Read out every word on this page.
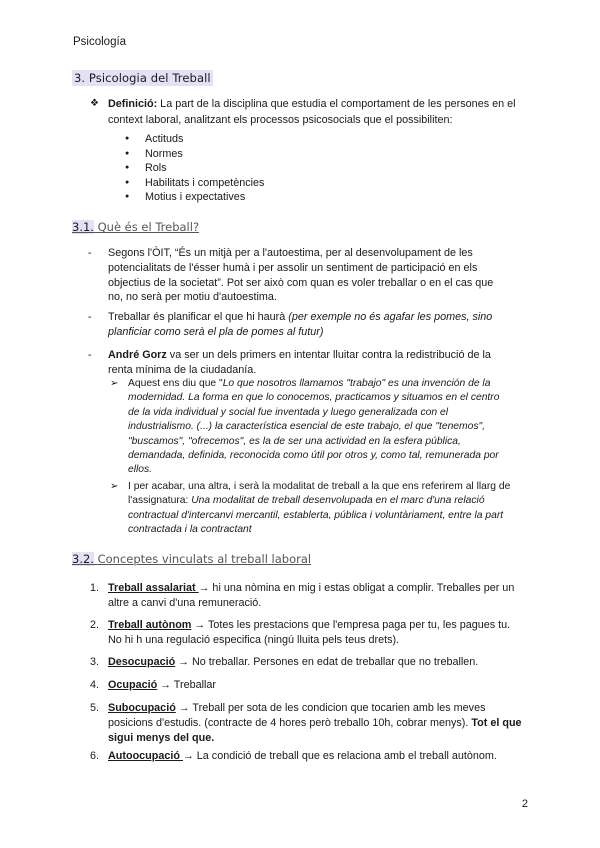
Psicología
3. Psicologia del Treball
❖ Definició: La part de la disciplina que estudia el comportament de les persones en el context laboral, analitzant els processos psicosocials que el possibiliten:
● Actituds
● Normes
● Rols
● Habilitats i competències
● Motius i expectatives
3.1. Què és el Treball?
- Segons l'ÒIT, “És un mitjà per a l'autoestima, per al desenvolupament de les potencialitats de l'ésser humà i per assolir un sentiment de participació en els objectius de la societat”. Pot ser això com quan es voler treballar o en el cas que no, no serà per motiu d'autoestima.
- Treballar és planificar el que hi haurà (per exemple no és agafar les pomes, sino planficiar como serà el pla de pomes al futur)
- André Gorz va ser un dels primers en intentar lluitar contra la redistribució de la renta mínima de la ciudadanía.
➢ Aquest ens diu que "Lo que nosotros llamamos "trabajo" es una invención de la modernidad. La forma en que lo conocemos, practicamos y situamos en el centro de la vida individual y social fue inventada y luego generalizada con el industrialismo. (...) la característica esencial de este trabajo, el que "tenemos", "buscamos", "ofrecemos", es la de ser una actividad en la esfera pública, demandada, definida, reconocida como útil por otros y, como tal, remunerada por ellos.
➢ I per acabar, una altra, i serà la modalitat de treball a la que ens referirem al llarg de l'assignatura: Una modalitat de treball desenvolupada en el marc d'una relació contractual d'intercanvi mercantil, establerta, pública i voluntàriament, entre la part contractada i la contractant
3.2. Conceptes vinculats al treball laboral
1. Treball assalariat → hi una nòmina en mig i estas obligat a complir. Treballes per un altre a canvi d'una remuneració.
2. Treball autònom → Totes les prestacions que l'empresa paga per tu, les pagues tu. No hi h una regulació especifica (ningú lluita pels teus drets).
3. Desocupació → No treballar. Persones en edat de treballar que no treballen.
4. Ocupació → Treballar
5. Subocupació → Treball per sota de les condicion que tocarien amb les meves posicions d'estudis. (contracte de 4 hores però treballo 10h, cobrar menys). Tot el que sigui menys del que.
6. Autoocupació → La condició de treball que es relaciona amb el treball autònom.
2
